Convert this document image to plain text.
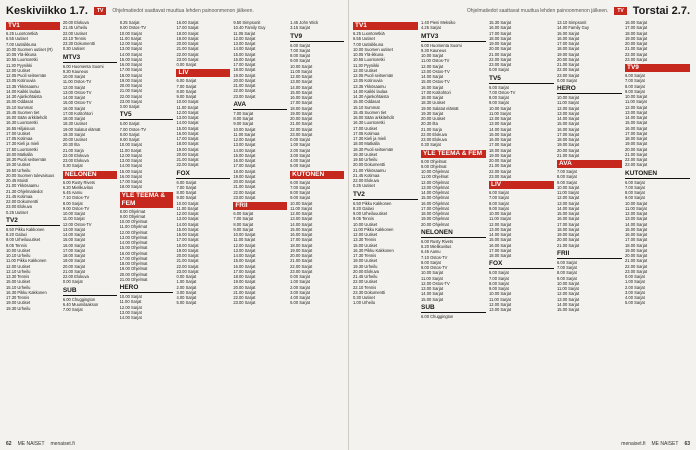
Keskiviikko 1.7.	TV	Ohjelmatiedot saattavat muuttua lehden painoonmenon jälkeen.
TV1
6.25 Luontoretkiä
6.55 Uutiset
7.00 Uutisikkuna
10.00 Suomen uutiset (R)
10.05 Ylä-ikkuna
10.55 Luontoretki
11.30 Pyynikki
12.00 Uutiset
12.05 Puoli seitsemän
13.05 Kotirouvia
13.35 Ykkösaamu
14.00 Kaikki laulaa
14.30 Ajankohtaista
15.00 Oddasat
15.10 Summat
15.45 Suomen tiet
16.00 Sään arkkitehdit
16.30 Luontoretki
16.55 Hiljaisuus
17.00 Uutiset
17.05 Kotimaa
17.30 Kieli ja mieli
17.50 Luontoretki
18.00 Matkalla
18.30 Puoli seitsemän
19.30 Uutiset
19.50 Urheilu
20.00 Suomen tulevaisuus
20.45 Muisti
21.00 Ykkösaamu
21.30 Ohjelmatiedot
21.45 Kotimaa
22.00 Dokumentti
23.00 Elokuva
0.25 Uutiset
TV2
6.50 Pikku Kakkonen
8.20 Galaxi
9.00 Urheiluuutiset
9.05 Tennis
10.00 Uutiset
10.10 Urheilu
11.00 Pikku Kakkonen
12.00 Uutiset
12.10 Urheilu
13.30 Tennis
15.00 Uutiset
15.10 Urheilu
16.30 Pikku Kakkonen
17.30 Tennis
19.00 Uutiset
19.30 Urheilu
20.00 Elokuva
21.45 Urheilu
22.00 Uutiset
22.10 Tennis
23.30 Dokumentti
0.30 Uutiset
MTV3
6.00 Huomenta Suomi
9.30 Kauneus
10.00 Sarjat
11.00 Ostos-TV
12.00 Sarjat
13.00 Ostos-TV
14.00 Sarjat
15.00 Ostos-TV
16.00 Sarjat
17.00 Kotitohtori
18.00 Sarjat
18.30 Uutiset
19.00 Salatut elämät
19.30 Sarjat
20.00 Uutiset
20.30 Ilta
21.00 Sarja
22.00 Elokuva
23.00 Elokuva
0.30 Sarjat
NELONEN
6.00 Rusty Rivets
6.20 Mielikuvitus
6.45 Aamu
7.10 Ostos-TV
8.00 Sarjat
9.00 Ostos-TV
10.00 Sarjat
11.00 Sarjat
12.00 Ostos-TV
13.00 Sarjat
14.00 Sarjat
15.00 Sarjat
16.00 Sarjat
17.00 Sarjat
18.00 Sarjat
19.00 Sarjat
20.00 Sarjat
21.00 Sarjat
22.00 Elokuva
0.00 Sarjat
SUB
6.00 Chuggington
6.40 Muumilaakson
7.00 Sarjat
8.25 Sarjat
9.00 Ostos-TV
10.00 Sarjat
11.00 Sarjat
12.00 Sarjat
13.00 Sarjat
14.00 Sarjat
15.00 Sarjat
16.00 Sarjat
17.00 Sarjat
18.00 Sarjat
19.00 Sarjat
20.00 Sarjat
21.00 Sarjat
22.00 Sarjat
23.00 Sarjat
0.00 Sarjat
TV5
6.00 Sarjat
7.00 Ostos-TV
8.00 Sarjat
9.00 Sarjat
10.00 Sarjat
11.00 Sarjat
12.00 Sarjat
13.00 Sarjat
14.00 Sarjat
15.00 Sarjat
16.00 Sarjat
17.00 Sarjat
18.00 Sarjat
YLE TEEMA & FEM
8.00 Ohjelmat
9.00 Ohjelmat
10.00 Ohjelmat
11.00 Ohjelmat
12.00 Ohjelmat
13.00 Ohjelmat
14.00 Ohjelmat
15.00 Ohjelmat
16.00 Ohjelmat
17.00 Ohjelmat
18.00 Ohjelmat
19.00 Ohjelmat
20.00 Ohjelmat
21.00 Ohjelmat
HERO
10.00 Sarjat
11.00 Sarjat
12.00 Sarjat
13.00 Sarjat
14.00 Sarjat
16.00 Sarjat
17.00 Sarjat
18.00 Sarjat
19.00 Sarjat
20.00 Sarjat
21.00 Sarjat
22.00 Sarjat
23.00 Sarjat
0.00 Sarjat
LIV
6.00 Sarjat
7.00 Sarjat
8.00 Sarjat
9.00 Sarjat
10.00 Sarjat
11.00 Sarjat
12.00 Sarjat
13.00 Sarjat
14.00 Sarjat
15.00 Sarjat
16.00 Sarjat
17.00 Sarjat
18.00 Sarjat
19.00 Sarjat
20.00 Sarjat
21.00 Sarjat
22.00 Sarjat
FOX
6.00 Sarjat
7.00 Sarjat
8.00 Sarjat
9.00 Sarjat
10.00 Sarjat
11.00 Sarjat
12.00 Sarjat
13.00 Sarjat
14.00 Sarjat
15.00 Sarjat
16.00 Sarjat
17.00 Sarjat
18.00 Sarjat
19.00 Sarjat
20.00 Sarjat
21.00 Sarjat
22.00 Sarjat
23.00 Sarjat
0.00 Sarjat
1.00 Sarjat
2.00 Sarjat
3.00 Sarjat
4.00 Sarjat
5.00 Sarjat
9.50 Simpsonit
10.40 Family Guy
11.05 Sarjat
12.00 Sarjat
13.00 Sarjat
14.00 Sarjat
15.00 Sarjat
16.00 Sarjat
17.00 Sarjat
18.00 Sarjat
19.00 Sarjat
20.00 Sarjat
21.00 Sarjat
22.00 Sarjat
23.00 Sarjat
AVA
7.00 Sarjat
8.00 Sarjat
9.00 Sarjat
10.00 Sarjat
11.00 Sarjat
12.00 Sarjat
13.00 Sarjat
14.00 Sarjat
15.00 Sarjat
16.00 Sarjat
17.00 Sarjat
18.00 Sarjat
19.00 Sarjat
20.00 Sarjat
21.00 Sarjat
22.00 Sarjat
23.00 Sarjat
FRII
6.00 Sarjat
7.00 Sarjat
8.00 Sarjat
9.00 Sarjat
10.00 Sarjat
11.00 Sarjat
12.00 Sarjat
13.00 Sarjat
14.00 Sarjat
15.00 Sarjat
16.00 Sarjat
17.00 Sarjat
18.00 Sarjat
19.00 Sarjat
20.00 Sarjat
21.00 Sarjat
22.00 Sarjat
23.00 Sarjat
1.45 John Wick
3.15 Sarjat
TV9
6.00 Sarjat
7.00 Sarjat
8.00 Sarjat
9.00 Sarjat
10.00 Sarjat
11.00 Sarjat
12.00 Sarjat
13.00 Sarjat
14.00 Sarjat
15.00 Sarjat
16.00 Sarjat
17.00 Sarjat
18.00 Sarjat
19.00 Sarjat
20.00 Sarjat
21.00 Sarjat
22.00 Sarjat
23.00 Sarjat
0.00 Sarjat
1.00 Sarjat
2.00 Sarjat
3.00 Sarjat
4.00 Sarjat
5.00 Sarjat
KUTONEN
6.00 Sarjat
7.00 Sarjat
8.00 Sarjat
9.00 Sarjat
10.00 Sarjat
11.00 Sarjat
12.00 Sarjat
13.00 Sarjat
14.00 Sarjat
15.00 Sarjat
16.00 Sarjat
17.00 Sarjat
18.00 Sarjat
19.00 Sarjat
20.00 Sarjat
21.00 Sarjat
22.00 Sarjat
23.00 Sarjat
0.00 Sarjat
1.00 Sarjat
2.00 Sarjat
3.00 Sarjat
4.00 Sarjat
5.00 Sarjat
62 ME NAISET menaiset.fi
Ohjelmatiedot saattavat muuttua lehden painoonmenon jälkeen.	TV Torstai 2.7.
TV1
6.25 Luontoretkiä
6.55 Uutiset
7.00 Uutisikkuna
10.00 Suomen uutiset
10.05 Ylä-ikkuna
10.55 Luontoretki
11.30 Pyynikki
12.00 Uutiset
12.05 Puoli seitsemän
13.05 Kotirouvia
13.35 Ykkösaamu
14.00 Kaikki laulaa
14.30 Ajankohtaista
15.00 Oddasat
15.10 Summat
15.45 Suomen tiet
16.00 Sään arkkitehdit
16.30 Luontoretki
17.00 Uutiset
17.05 Kotimaa
17.30 Kieli ja mieli
18.00 Matkalla
18.30 Puoli seitsemän
19.30 Uutiset
19.50 Urheilu
20.00 Dokumentti
21.00 Ykkösaamu
21.45 Kotimaa
22.00 Elokuva
0.25 Uutiset
TV2
6.50 Pikku Kakkonen
8.20 Galaxi
9.00 Urheiluuutiset
9.05 Tennis
10.00 Uutiset
11.00 Pikku Kakkonen
12.00 Uutiset
13.30 Tennis
15.00 Uutiset
16.30 Pikku Kakkonen
17.30 Tennis
19.00 Uutiset
19.30 Urheilu
20.00 Elokuva
21.45 Urheilu
22.00 Uutiset
22.10 Tennis
23.30 Dokumentti
0.30 Uutiset
1.00 Urheilu
1.40 Pieni Meksiko
4.25 Sarjat
MTV3
6.00 Huomenta Suomi
9.30 Kauneus
10.00 Sarjat
11.00 Ostos-TV
12.00 Sarjat
13.00 Ostos-TV
14.00 Sarjat
15.00 Ostos-TV
16.00 Sarjat
17.00 Kotitohtori
18.00 Sarjat
18.30 Uutiset
19.00 Salatut elämät
19.30 Sarjat
20.00 Uutiset
20.30 Ilta
21.00 Sarja
22.00 Elokuva
23.00 Elokuva
0.30 Sarjat
YLE TEEMA & FEM
8.00 Ohjelmat
9.00 Ohjelmat
10.00 Ohjelmat
11.00 Ohjelmat
12.00 Ohjelmat
13.00 Ohjelmat
14.00 Ohjelmat
15.00 Ohjelmat
16.00 Ohjelmat
17.00 Ohjelmat
18.00 Ohjelmat
19.00 Ohjelmat
20.00 Ohjelmat
NELONEN
6.00 Rusty Rivets
6.20 Mielikuvitus
6.45 Aamu
7.10 Ostos-TV
8.00 Sarjat
9.00 Ostos-TV
10.00 Sarjat
11.00 Sarjat
12.00 Ostos-TV
13.00 Sarjat
14.00 Sarjat
15.00 Sarjat
SUB
6.00 Chuggington
15.30 Sarjat
16.00 Sarjat
17.00 Sarjat
18.00 Sarjat
19.00 Sarjat
20.00 Sarjat
21.00 Sarjat
22.00 Sarjat
23.00 Sarjat
0.00 Sarjat
TV5
6.00 Sarjat
7.00 Ostos-TV
8.00 Sarjat
9.00 Sarjat
10.00 Sarjat
11.00 Sarjat
12.00 Sarjat
13.00 Sarjat
14.00 Sarjat
15.00 Sarjat
16.00 Sarjat
17.00 Sarjat
18.00 Sarjat
19.00 Sarjat
20.00 Sarjat
21.00 Sarjat
22.00 Sarjat
23.00 Sarjat
LIV
6.00 Sarjat
7.00 Sarjat
8.00 Sarjat
9.00 Sarjat
10.00 Sarjat
11.00 Sarjat
12.00 Sarjat
13.00 Sarjat
14.00 Sarjat
15.00 Sarjat
16.00 Sarjat
17.00 Sarjat
18.00 Sarjat
FOX
6.00 Sarjat
7.00 Sarjat
8.00 Sarjat
9.00 Sarjat
10.00 Sarjat
11.00 Sarjat
12.00 Sarjat
13.00 Sarjat
13.10 Simpsonit
14.00 Family Guy
15.00 Sarjat
16.00 Sarjat
17.00 Sarjat
18.00 Sarjat
19.00 Sarjat
20.00 Sarjat
21.00 Sarjat
22.00 Sarjat
23.00 Sarjat
0.00 Sarjat
HERO
10.00 Sarjat
11.00 Sarjat
12.00 Sarjat
13.00 Sarjat
14.00 Sarjat
15.00 Sarjat
16.00 Sarjat
17.00 Sarjat
18.00 Sarjat
19.00 Sarjat
20.00 Sarjat
21.00 Sarjat
AVA
7.00 Sarjat
8.00 Sarjat
9.00 Sarjat
10.00 Sarjat
11.00 Sarjat
12.00 Sarjat
13.00 Sarjat
14.00 Sarjat
15.00 Sarjat
16.00 Sarjat
17.00 Sarjat
18.00 Sarjat
19.00 Sarjat
20.00 Sarjat
21.00 Sarjat
FRII
6.00 Sarjat
7.00 Sarjat
8.00 Sarjat
9.00 Sarjat
10.00 Sarjat
11.00 Sarjat
12.00 Sarjat
13.00 Sarjat
14.00 Sarjat
15.00 Sarjat
16.00 Sarjat
17.00 Sarjat
18.00 Sarjat
19.00 Sarjat
20.00 Sarjat
21.00 Sarjat
22.00 Sarjat
23.00 Sarjat
TV9
6.00 Sarjat
7.00 Sarjat
8.00 Sarjat
9.00 Sarjat
10.00 Sarjat
11.00 Sarjat
12.00 Sarjat
13.00 Sarjat
14.00 Sarjat
15.00 Sarjat
16.00 Sarjat
17.00 Sarjat
18.00 Sarjat
19.00 Sarjat
20.00 Sarjat
21.00 Sarjat
22.00 Sarjat
23.00 Sarjat
KUTONEN
6.00 Sarjat
7.00 Sarjat
8.00 Sarjat
9.00 Sarjat
10.00 Sarjat
11.00 Sarjat
12.00 Sarjat
13.00 Sarjat
14.00 Sarjat
15.00 Sarjat
16.00 Sarjat
17.00 Sarjat
18.00 Sarjat
19.00 Sarjat
20.00 Sarjat
21.00 Sarjat
22.00 Sarjat
23.00 Sarjat
0.00 Sarjat
1.00 Sarjat
2.00 Sarjat
3.00 Sarjat
4.00 Sarjat
5.00 Sarjat
menaiset.fi ME NAISET 63
